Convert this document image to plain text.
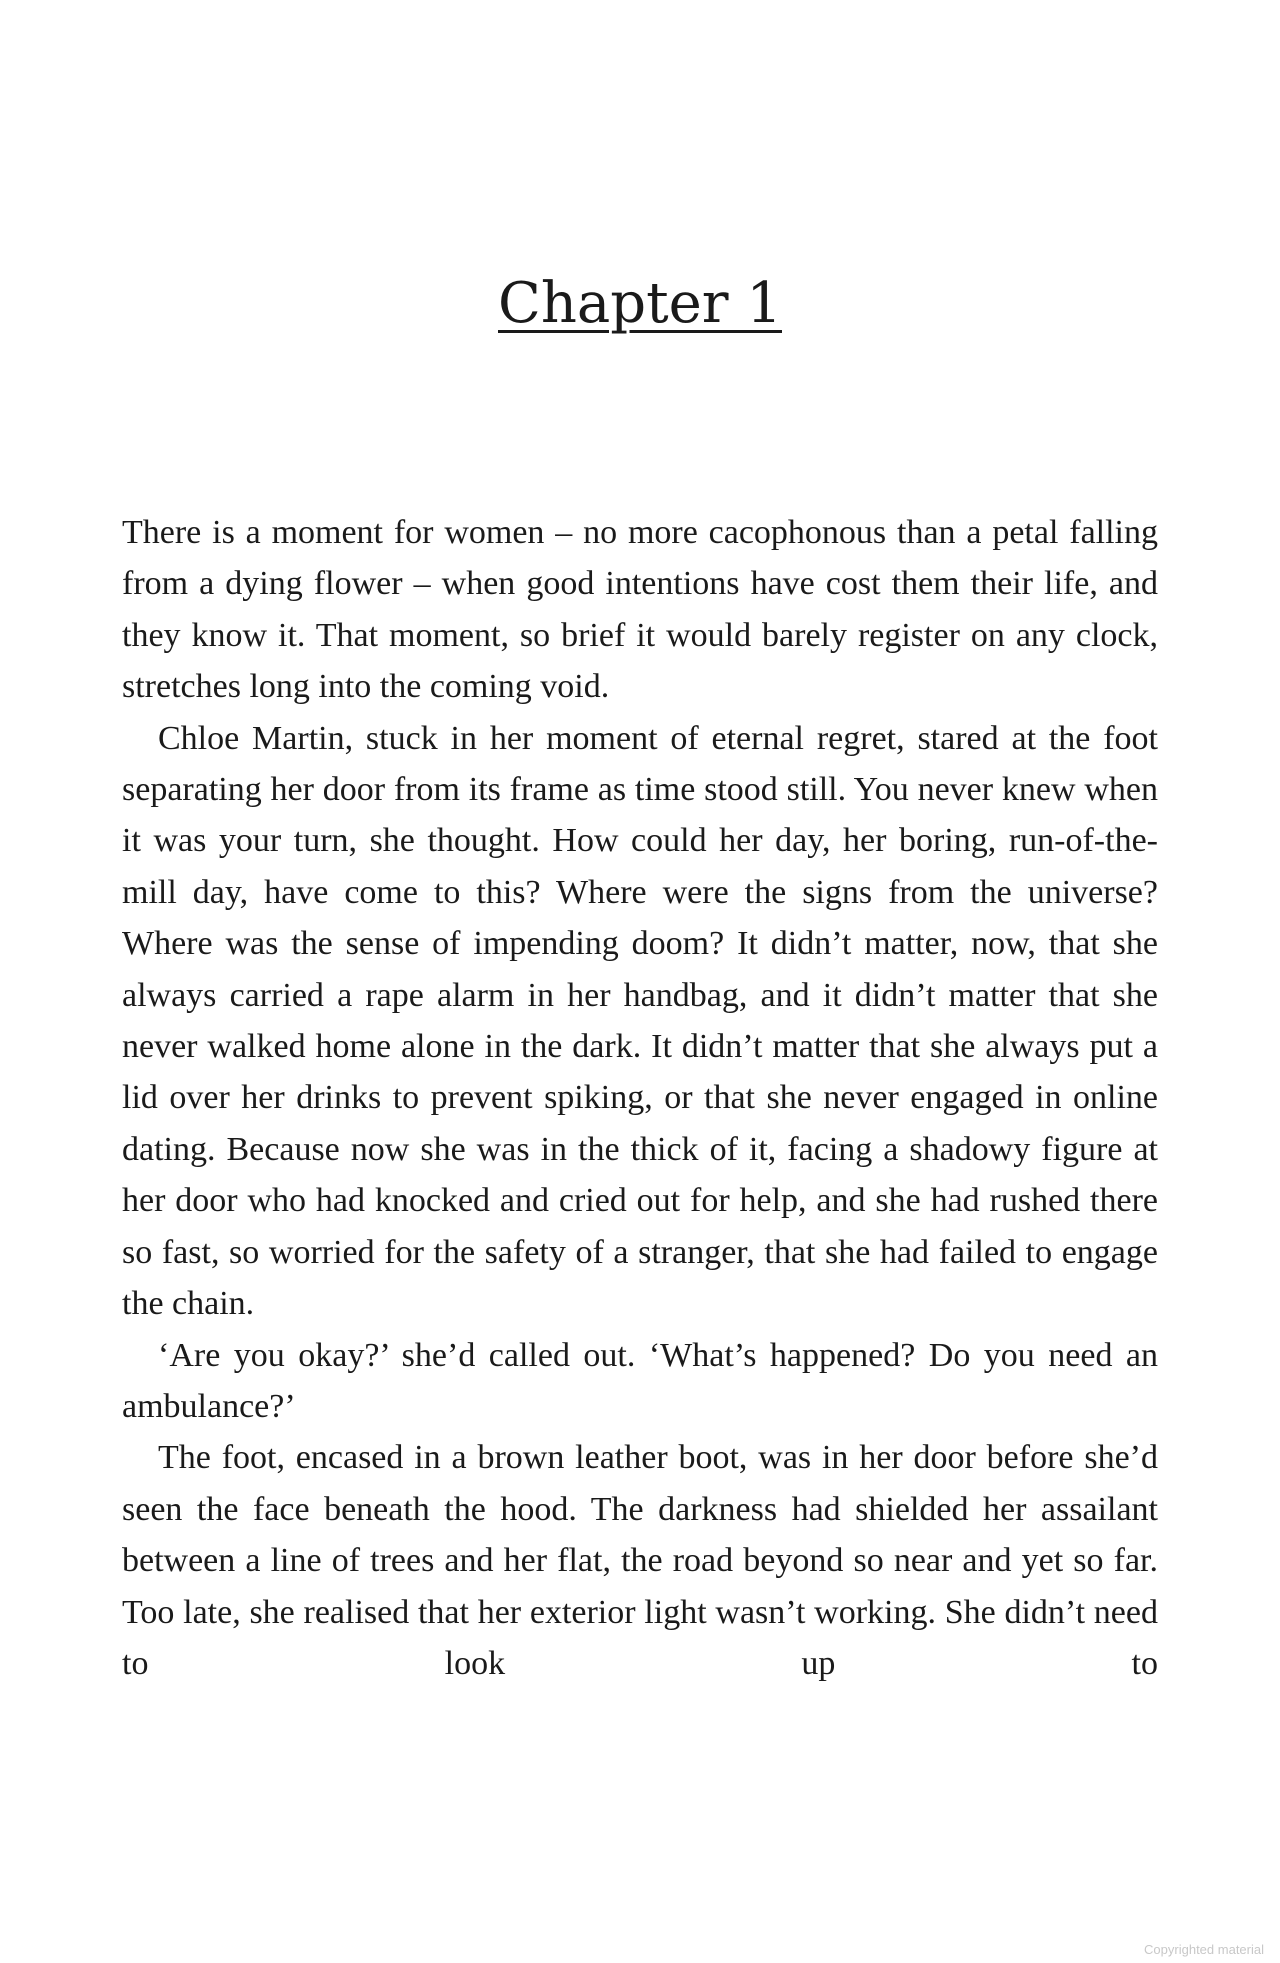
Chapter 1

There is a moment for women – no more cacophonous than a petal falling from a dying flower – when good intentions have cost them their life, and they know it. That moment, so brief it would barely register on any clock, stretches long into the coming void.

Chloe Martin, stuck in her moment of eternal regret, stared at the foot separating her door from its frame as time stood still. You never knew when it was your turn, she thought. How could her day, her boring, run-of-the-mill day, have come to this? Where were the signs from the universe? Where was the sense of impending doom? It didn’t matter, now, that she always carried a rape alarm in her handbag, and it didn’t matter that she never walked home alone in the dark. It didn’t matter that she always put a lid over her drinks to prevent spiking, or that she never engaged in online dating. Because now she was in the thick of it, facing a shadowy figure at her door who had knocked and cried out for help, and she had rushed there so fast, so worried for the safety of a stranger, that she had failed to engage the chain.

‘Are you okay?’ she’d called out. ‘What’s happened? Do you need an ambulance?’

The foot, encased in a brown leather boot, was in her door before she’d seen the face beneath the hood. The darkness had shielded her assailant between a line of trees and her flat, the road beyond so near and yet so far. Too late, she realised that her exterior light wasn’t working. She didn’t need to look up to

Copyrighted material
